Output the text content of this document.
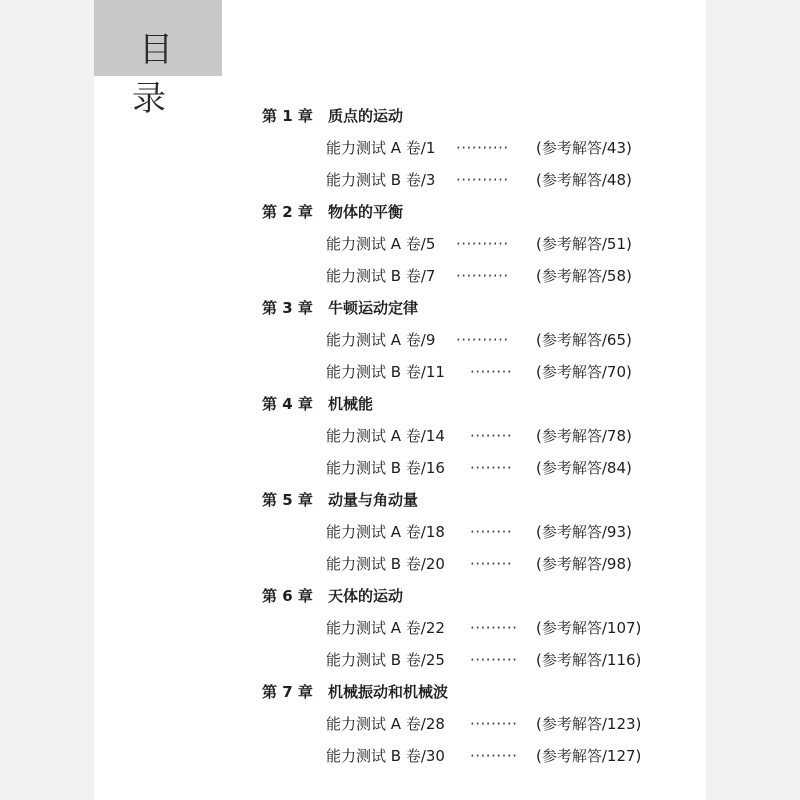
目 录	第 1 章 质点的运动
能力测试 A 卷/1 ·········· (参考解答/43)
能力测试 B 卷/3 ·········· (参考解答/48)
第 2 章 物体的平衡
能力测试 A 卷/5 ·········· (参考解答/51)
能力测试 B 卷/7 ·········· (参考解答/58)
第 3 章 牛顿运动定律
能力测试 A 卷/9 ·········· (参考解答/65)
能力测试 B 卷/11 ········ (参考解答/70)
第 4 章 机械能
能力测试 A 卷/14 ········ (参考解答/78)
能力测试 B 卷/16 ········ (参考解答/84)
第 5 章 动量与角动量
能力测试 A 卷/18 ········ (参考解答/93)
能力测试 B 卷/20 ········ (参考解答/98)
第 6 章 天体的运动
能力测试 A 卷/22 ········· (参考解答/107)
能力测试 B 卷/25 ········· (参考解答/116)
第 7 章 机械振动和机械波
能力测试 A 卷/28 ········· (参考解答/123)
能力测试 B 卷/30 ········· (参考解答/127)
